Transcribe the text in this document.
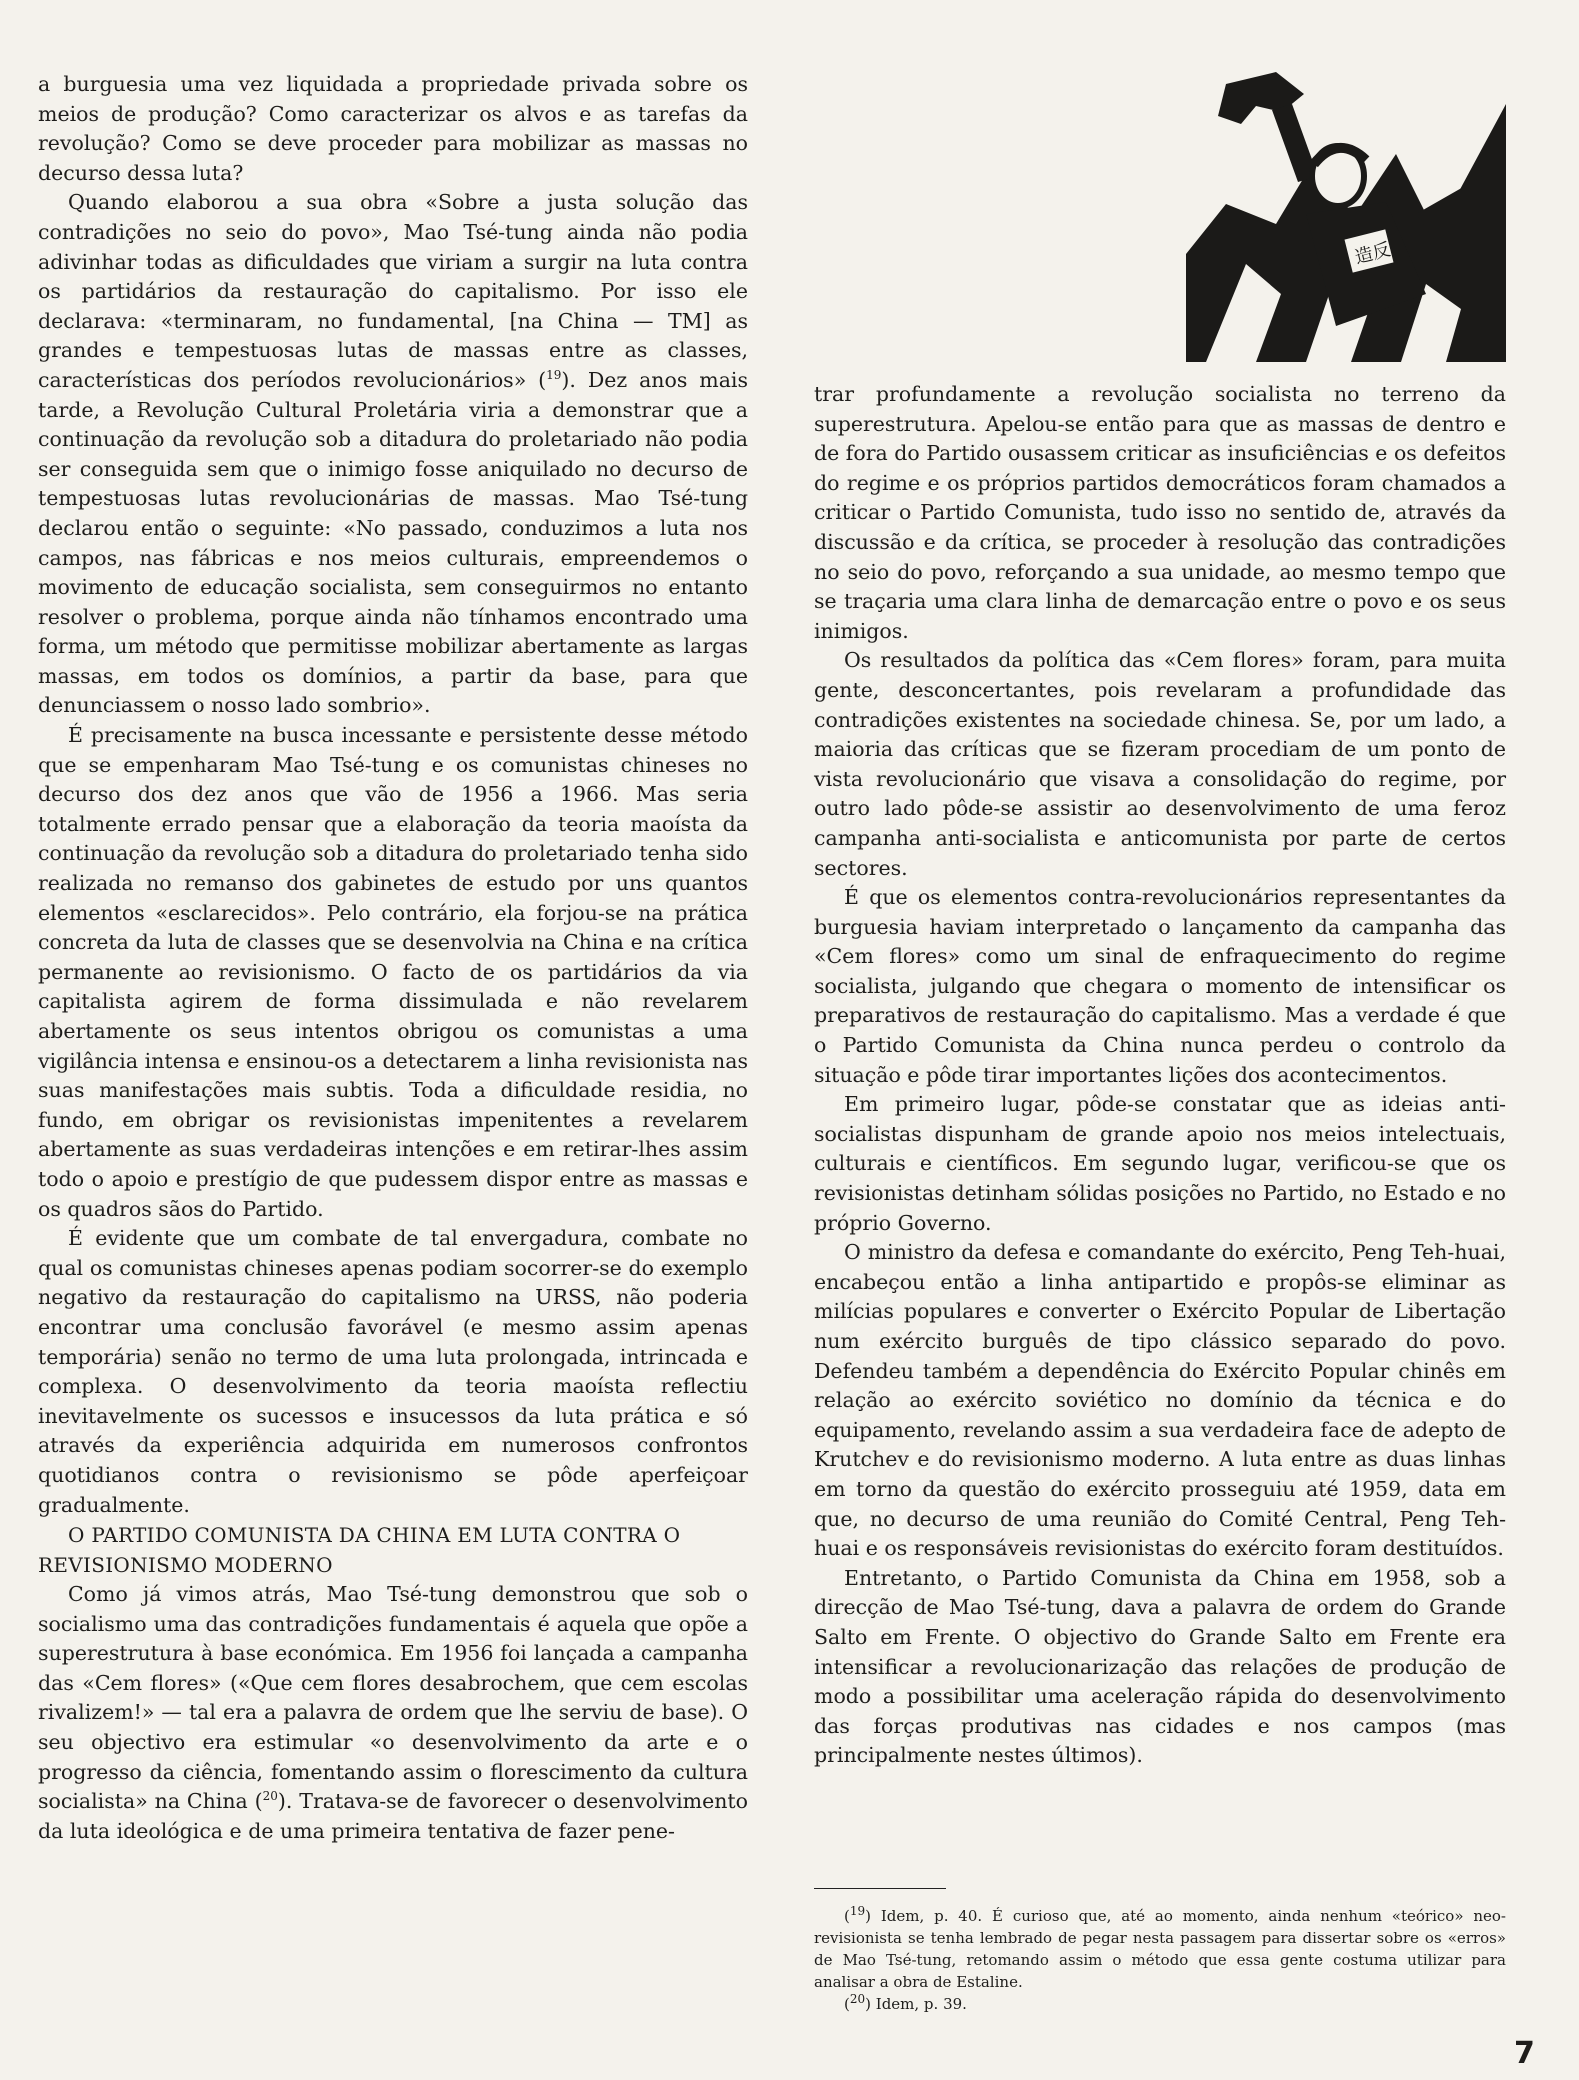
a burguesia uma vez liquidada a propriedade privada sobre os meios de produção? Como caracterizar os alvos e as tarefas da revolução? Como se deve proceder para mobilizar as massas no decurso dessa luta?

Quando elaborou a sua obra «Sobre a justa solução das contradições no seio do povo», Mao Tsé-tung ainda não podia adivinhar todas as dificuldades que viriam a surgir na luta contra os partidários da restauração do capitalismo. Por isso ele declarava: «terminaram, no fundamental, [na China — TM] as grandes e tempestuosas lutas de massas entre as classes, características dos períodos revolucionários» ($^{19}$). Dez anos mais tarde, a Revolução Cultural Proletária viria a demonstrar que a continuação da revolução sob a ditadura do proletariado não podia ser conseguida sem que o inimigo fosse aniquilado no decurso de tempestuosas lutas revolucionárias de massas. Mao Tsé-tung declarou então o seguinte: «No passado, conduzimos a luta nos campos, nas fábricas e nos meios culturais, empreendemos o movimento de educação socialista, sem conseguirmos no entanto resolver o problema, porque ainda não tínhamos encontrado uma forma, um método que permitisse mobilizar abertamente as largas massas, em todos os domínios, a partir da base, para que denunciassem o nosso lado sombrio».

É precisamente na busca incessante e persistente desse método que se empenharam Mao Tsé-tung e os comunistas chineses no decurso dos dez anos que vão de 1956 a 1966. Mas seria totalmente errado pensar que a elaboração da teoria maoísta da continuação da revolução sob a ditadura do proletariado tenha sido realizada no remanso dos gabinetes de estudo por uns quantos elementos «esclarecidos». Pelo contrário, ela forjou-se na prática concreta da luta de classes que se desenvolvia na China e na crítica permanente ao revisionismo. O facto de os partidários da via capitalista agirem de forma dissimulada e não revelarem abertamente os seus intentos obrigou os comunistas a uma vigilância intensa e ensinou-os a detectarem a linha revisionista nas suas manifestações mais subtis. Toda a dificuldade residia, no fundo, em obrigar os revisionistas impenitentes a revelarem abertamente as suas verdadeiras intenções e em retirar-lhes assim todo o apoio e prestígio de que pudessem dispor entre as massas e os quadros sãos do Partido.

É evidente que um combate de tal envergadura, combate no qual os comunistas chineses apenas podiam socorrer-se do exemplo negativo da restauração do capitalismo na URSS, não poderia encontrar uma conclusão favorável (e mesmo assim apenas temporária) senão no termo de uma luta prolongada, intrincada e complexa. O desenvolvimento da teoria maoísta reflectiu inevitavelmente os sucessos e insucessos da luta prática e só através da experiência adquirida em numerosos confrontos quotidianos contra o revisionismo se pôde aperfeiçoar gradualmente.

O PARTIDO COMUNISTA DA CHINA EM LUTA CONTRA O REVISIONISMO MODERNO

Como já vimos atrás, Mao Tsé-tung demonstrou que sob o socialismo uma das contradições fundamentais é aquela que opõe a superestrutura à base económica. Em 1956 foi lançada a campanha das «Cem flores» («Que cem flores desabrochem, que cem escolas rivalizem!» — tal era a palavra de ordem que lhe serviu de base). O seu objectivo era estimular «o desenvolvimento da arte e o progresso da ciência, fomentando assim o florescimento da cultura socialista» na China ($^{20}$). Tratava-se de favorecer o desenvolvimento da luta ideológica e de uma primeira tentativa de fazer pene-

造反

trar profundamente a revolução socialista no terreno da superestrutura. Apelou-se então para que as massas de dentro e de fora do Partido ousassem criticar as insuficiências e os defeitos do regime e os próprios partidos democráticos foram chamados a criticar o Partido Comunista, tudo isso no sentido de, através da discussão e da crítica, se proceder à resolução das contradições no seio do povo, reforçando a sua unidade, ao mesmo tempo que se traçaria uma clara linha de demarcação entre o povo e os seus inimigos.

Os resultados da política das «Cem flores» foram, para muita gente, desconcertantes, pois revelaram a profundidade das contradições existentes na sociedade chinesa. Se, por um lado, a maioria das críticas que se fizeram procediam de um ponto de vista revolucionário que visava a consolidação do regime, por outro lado pôde-se assistir ao desenvolvimento de uma feroz campanha anti-socialista e anticomunista por parte de certos sectores.

É que os elementos contra-revolucionários representantes da burguesia haviam interpretado o lançamento da campanha das «Cem flores» como um sinal de enfraquecimento do regime socialista, julgando que chegara o momento de intensificar os preparativos de restauração do capitalismo. Mas a verdade é que o Partido Comunista da China nunca perdeu o controlo da situação e pôde tirar importantes lições dos acontecimentos.

Em primeiro lugar, pôde-se constatar que as ideias anti-socialistas dispunham de grande apoio nos meios intelectuais, culturais e científicos. Em segundo lugar, verificou-se que os revisionistas detinham sólidas posições no Partido, no Estado e no próprio Governo.

O ministro da defesa e comandante do exército, Peng Teh-huai, encabeçou então a linha antipartido e propôs-se eliminar as milícias populares e converter o Exército Popular de Libertação num exército burguês de tipo clássico separado do povo. Defendeu também a dependência do Exército Popular chinês em relação ao exército soviético no domínio da técnica e do equipamento, revelando assim a sua verdadeira face de adepto de Krutchev e do revisionismo moderno. A luta entre as duas linhas em torno da questão do exército prosseguiu até 1959, data em que, no decurso de uma reunião do Comité Central, Peng Teh-huai e os responsáveis revisionistas do exército foram destituídos.

Entretanto, o Partido Comunista da China em 1958, sob a direcção de Mao Tsé-tung, dava a palavra de ordem do Grande Salto em Frente. O objectivo do Grande Salto em Frente era intensificar a revolucionarização das relações de produção de modo a possibilitar uma aceleração rápida do desenvolvimento das forças produtivas nas cidades e nos campos (mas principalmente nestes últimos).

($^{19}$) Idem, p. 40. É curioso que, até ao momento, ainda nenhum «teórico» neo-revisionista se tenha lembrado de pegar nesta passagem para dissertar sobre os «erros» de Mao Tsé-tung, retomando assim o método que essa gente costuma utilizar para analisar a obra de Estaline.

($^{20}$) Idem, p. 39.

7
